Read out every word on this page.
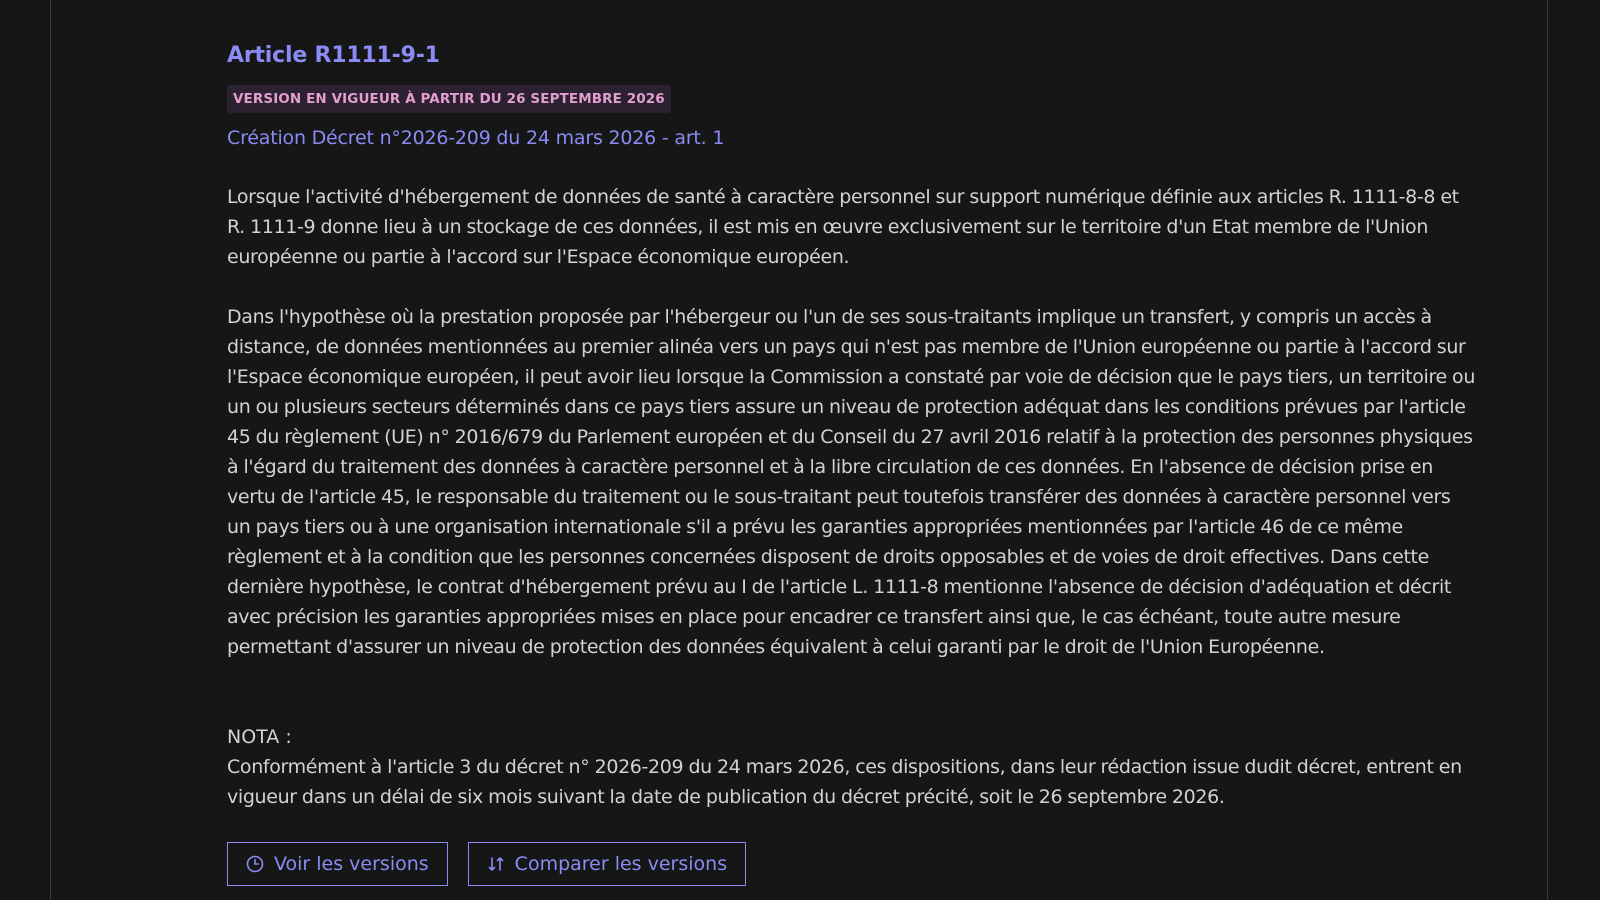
Article R1111-9-1
VERSION EN VIGUEUR À PARTIR DU 26 SEPTEMBRE 2026
Création Décret n°2026-209 du 24 mars 2026 - art. 1

Lorsque l'activité d'hébergement de données de santé à caractère personnel sur support numérique définie aux articles R. 1111-8-8 et R. 1111-9 donne lieu à un stockage de ces données, il est mis en œuvre exclusivement sur le territoire d'un Etat membre de l'Union européenne ou partie à l'accord sur l'Espace économique européen.

Dans l'hypothèse où la prestation proposée par l'hébergeur ou l'un de ses sous-traitants implique un transfert, y compris un accès à distance, de données mentionnées au premier alinéa vers un pays qui n'est pas membre de l'Union européenne ou partie à l'accord sur l'Espace économique européen, il peut avoir lieu lorsque la Commission a constaté par voie de décision que le pays tiers, un territoire ou un ou plusieurs secteurs déterminés dans ce pays tiers assure un niveau de protection adéquat dans les conditions prévues par l'article 45 du règlement (UE) n° 2016/679 du Parlement européen et du Conseil du 27 avril 2016 relatif à la protection des personnes physiques à l'égard du traitement des données à caractère personnel et à la libre circulation de ces données. En l'absence de décision prise en vertu de l'article 45, le responsable du traitement ou le sous-traitant peut toutefois transférer des données à caractère personnel vers un pays tiers ou à une organisation internationale s'il a prévu les garanties appropriées mentionnées par l'article 46 de ce même règlement et à la condition que les personnes concernées disposent de droits opposables et de voies de droit effectives. Dans cette dernière hypothèse, le contrat d'hébergement prévu au I de l'article L. 1111-8 mentionne l'absence de décision d'adéquation et décrit avec précision les garanties appropriées mises en place pour encadrer ce transfert ainsi que, le cas échéant, toute autre mesure permettant d'assurer un niveau de protection des données équivalent à celui garanti par le droit de l'Union Européenne.

NOTA :

Conformément à l'article 3 du décret n° 2026-209 du 24 mars 2026, ces dispositions, dans leur rédaction issue dudit décret, entrent en vigueur dans un délai de six mois suivant la date de publication du décret précité, soit le 26 septembre 2026.

Voir les versions	Comparer les versions
